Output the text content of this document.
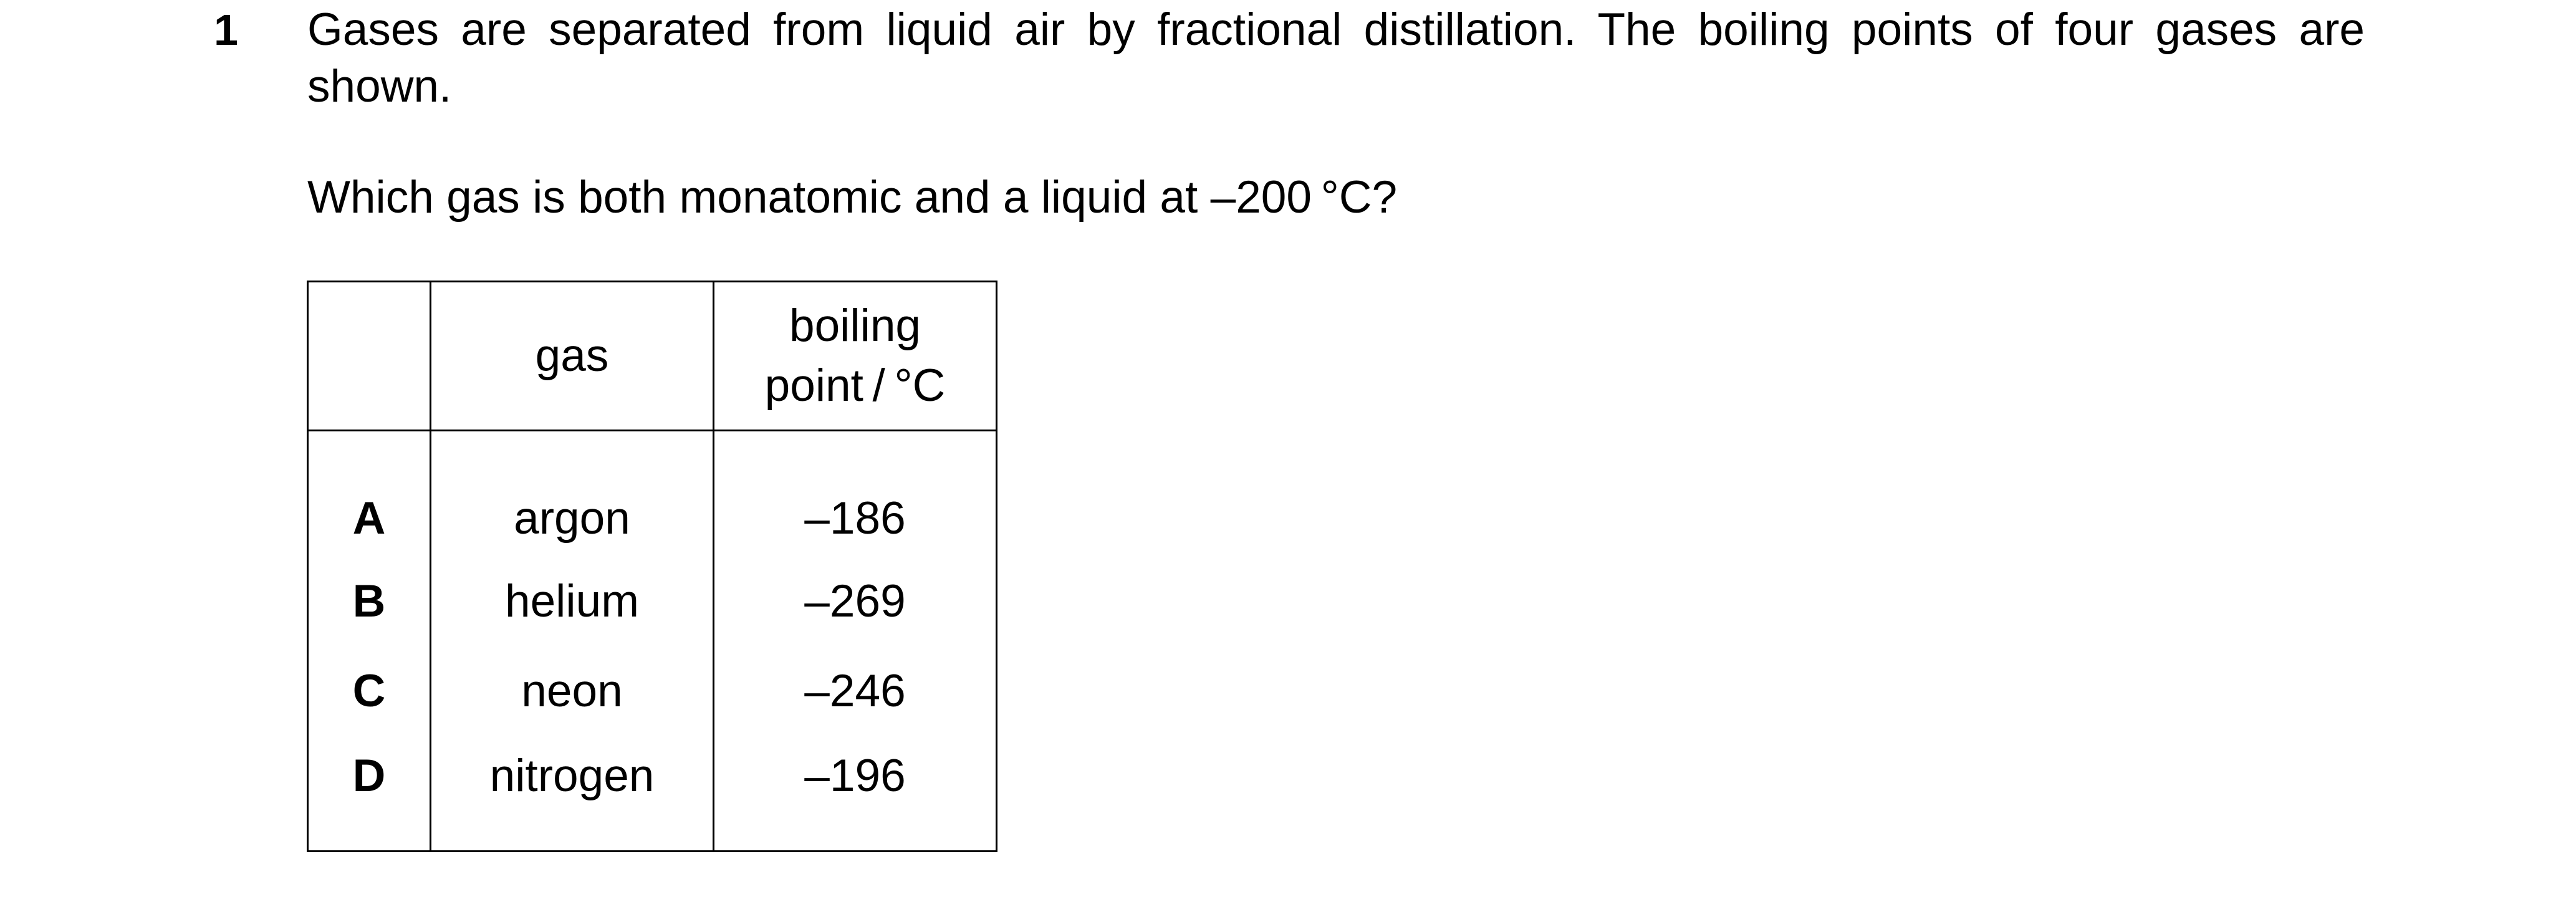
1 Gases are separated from liquid air by fractional distillation. The boiling points of four gases are shown.

Which gas is both monatomic and a liquid at –200 °C?

	gas	boiling
point / °C

A	argon	–186
B	helium	–269
C	neon	–246
D	nitrogen	–196
